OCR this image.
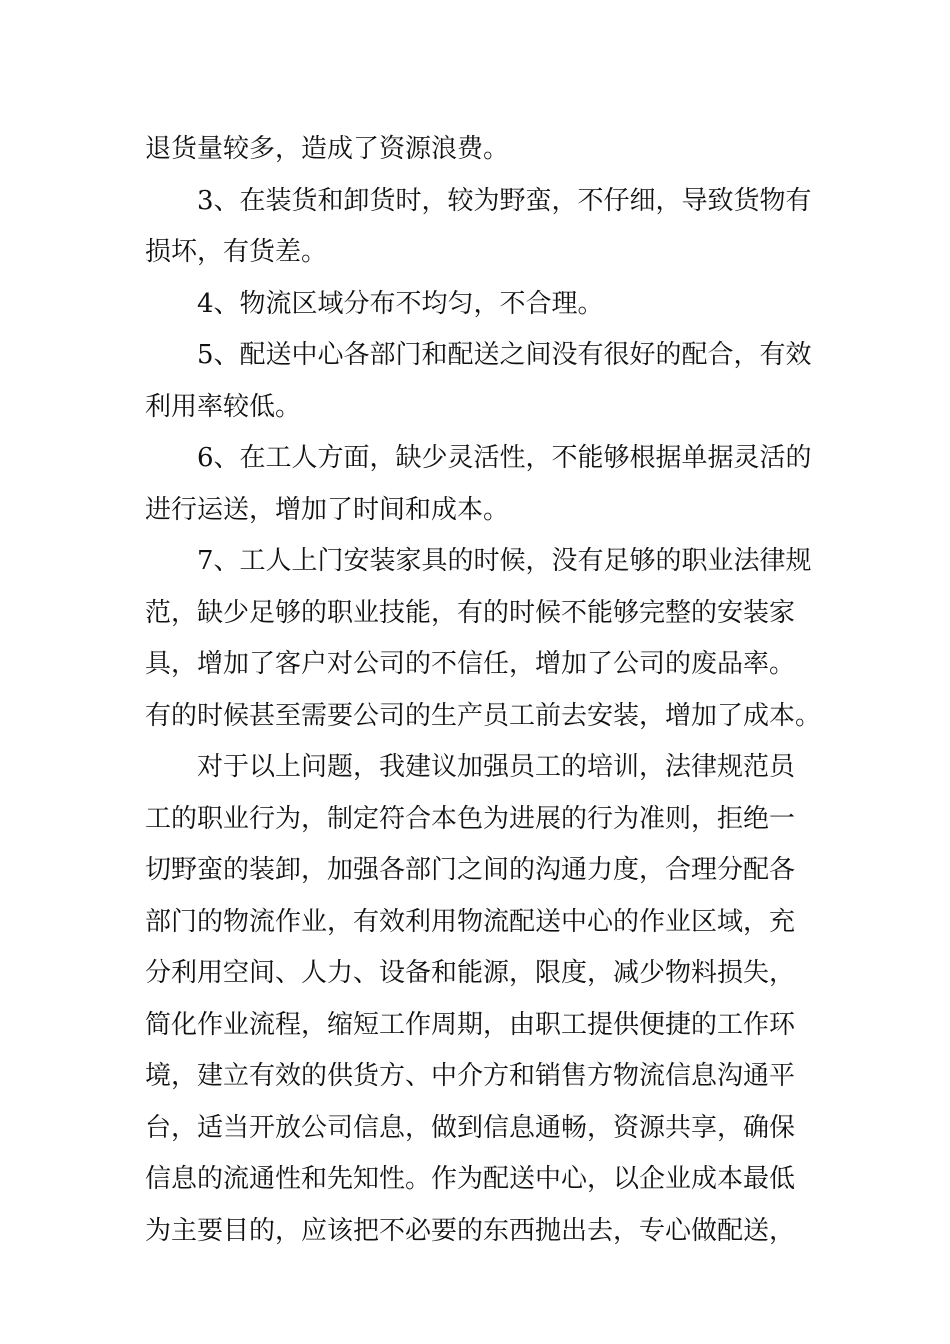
退货量较多，造成了资源浪费。
3、在装货和卸货时，较为野蛮，不仔细，导致货物有
损坏，有货差。
4、物流区域分布不均匀，不合理。
5、配送中心各部门和配送之间没有很好的配合，有效
利用率较低。
6、在工人方面，缺少灵活性，不能够根据单据灵活的
进行运送，增加了时间和成本。
7、工人上门安装家具的时候，没有足够的职业法律规
范，缺少足够的职业技能，有的时候不能够完整的安装家
具，增加了客户对公司的不信任，增加了公司的废品率。
有的时候甚至需要公司的生产员工前去安装，增加了成本。
对于以上问题，我建议加强员工的培训，法律规范员
工的职业行为，制定符合本色为进展的行为准则，拒绝一
切野蛮的装卸，加强各部门之间的沟通力度，合理分配各
部门的物流作业，有效利用物流配送中心的作业区域，充
分利用空间、人力、设备和能源，限度，减少物料损失，
简化作业流程，缩短工作周期，由职工提供便捷的工作环
境，建立有效的供货方、中介方和销售方物流信息沟通平
台，适当开放公司信息，做到信息通畅，资源共享，确保
信息的流通性和先知性。作为配送中心，以企业成本最低
为主要目的，应该把不必要的东西抛出去，专心做配送，
